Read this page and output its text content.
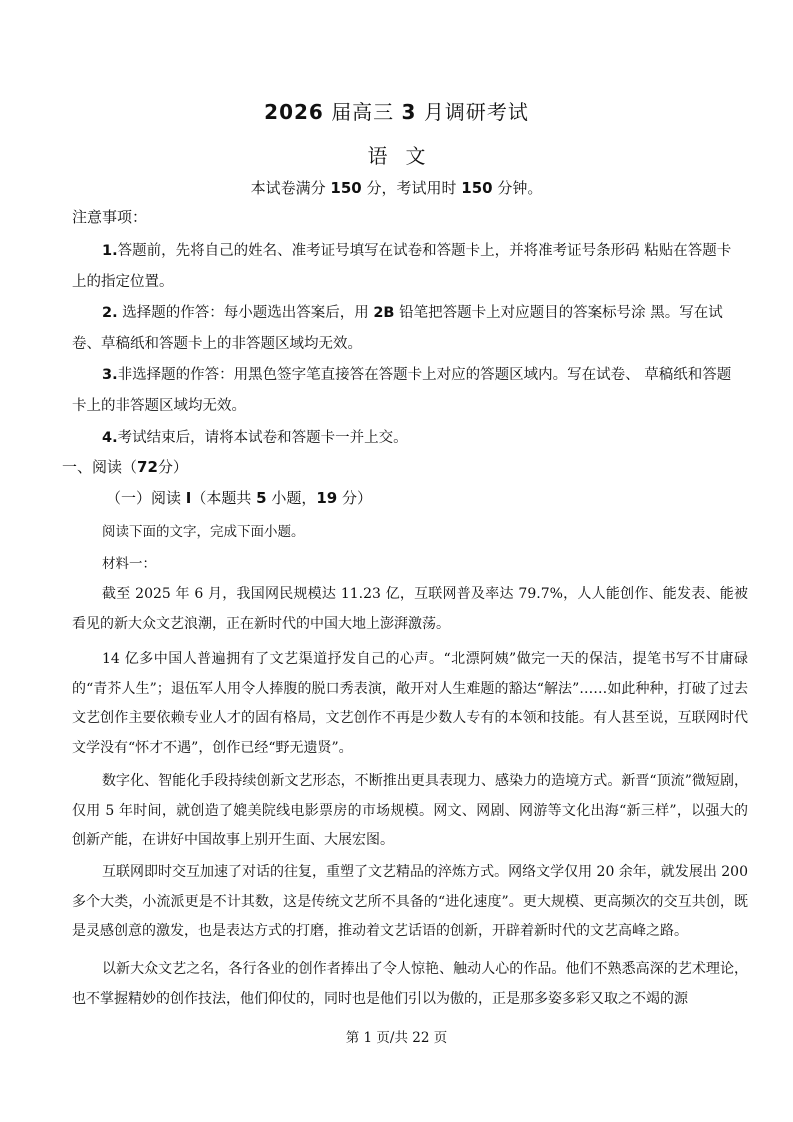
2026 届高三 3 月调研考试
语文
本试卷满分 150 分，考试用时 150 分钟。
注意事项：
1.答题前，先将自己的姓名、准考证号填写在试卷和答题卡上，并将准考证号条形码 粘贴在答题卡上的指定位置。
2. 选择题的作答：每小题选出答案后，用 2B 铅笔把答题卡上对应题目的答案标号涂 黑。写在试卷、草稿纸和答题卡上的非答题区域均无效。
3.非选择题的作答：用黑色签字笔直接答在答题卡上对应的答题区域内。写在试卷、 草稿纸和答题卡上的非答题区域均无效。
4.考试结束后，请将本试卷和答题卡一并上交。
一、阅读（72分）
（一）阅读 I（本题共 5 小题，19 分）
阅读下面的文字，完成下面小题。
材料一：
截至 2025 年 6 月，我国网民规模达 11.23 亿，互联网普及率达 79.7%，人人能创作、能发表、能被看见的新大众文艺浪潮，正在新时代的中国大地上澎湃激荡。
14 亿多中国人普遍拥有了文艺渠道抒发自己的心声。“北漂阿姨”做完一天的保洁，提笔书写不甘庸碌的“青芥人生”；退伍军人用令人捧腹的脱口秀表演，敞开对人生难题的豁达“解法”……如此种种，打破了过去文艺创作主要依赖专业人才的固有格局，文艺创作不再是少数人专有的本领和技能。有人甚至说，互联网时代文学没有“怀才不遇”，创作已经“野无遗贤”。
数字化、智能化手段持续创新文艺形态，不断推出更具表现力、感染力的造境方式。新晋“顶流”微短剧，仅用 5 年时间，就创造了媲美院线电影票房的市场规模。网文、网剧、网游等文化出海“新三样”，以强大的创新产能，在讲好中国故事上别开生面、大展宏图。
互联网即时交互加速了对话的往复，重塑了文艺精品的淬炼方式。网络文学仅用 20 余年，就发展出 200 多个大类，小流派更是不计其数，这是传统文艺所不具备的“进化速度”。更大规模、更高频次的交互共创，既是灵感创意的激发，也是表达方式的打磨，推动着文艺话语的创新，开辟着新时代的文艺高峰之路。
以新大众文艺之名，各行各业的创作者捧出了令人惊艳、触动人心的作品。他们不熟悉高深的艺术理论，也不掌握精妙的创作技法，他们仰仗的，同时也是他们引以为傲的，正是那多姿多彩又取之不竭的源
第 1 页/共 22 页
